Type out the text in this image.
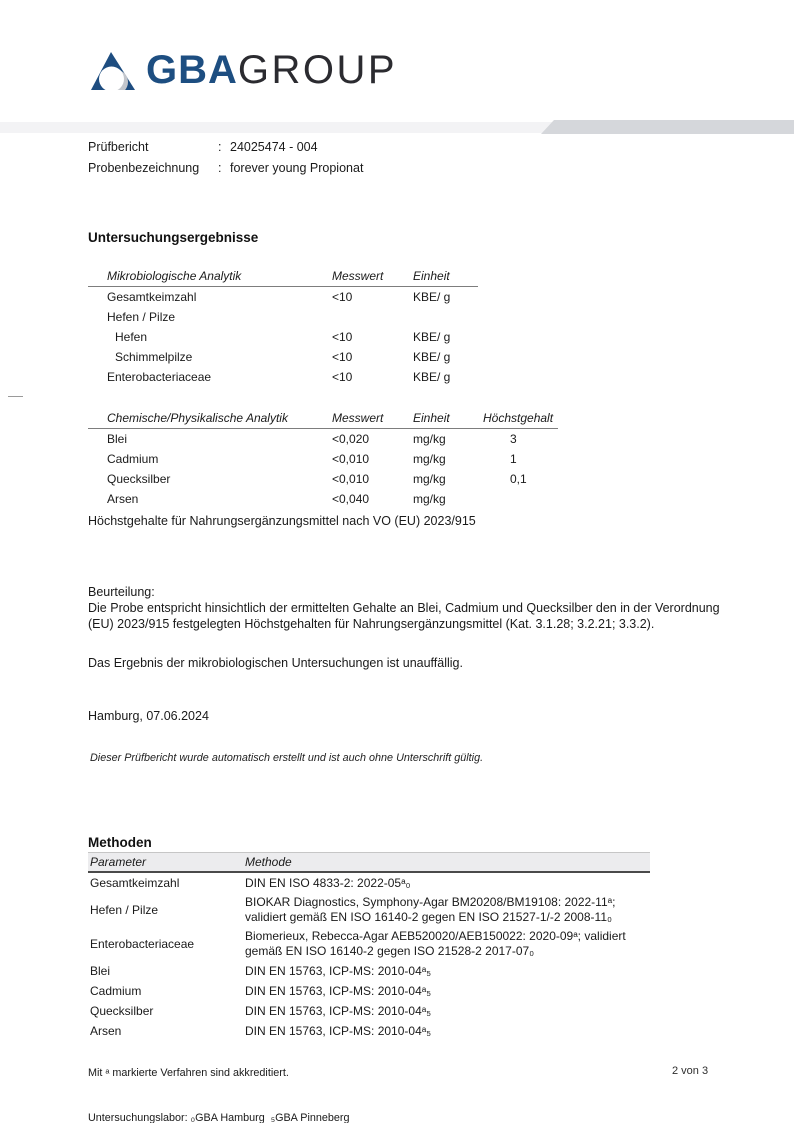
GBAGROUP
Prüfbericht	: 24025474 - 004
Probenbezeichnung	: forever young Propionat
Untersuchungsergebnisse
Mikrobiologische Analytik	Messwert	Einheit
Gesamtkeimzahl	<10	KBE/ g
Hefen / Pilze		
Hefen	<10	KBE/ g
Schimmelpilze	<10	KBE/ g
Enterobacteriaceae	<10	KBE/ g
Chemische/Physikalische Analytik	Messwert	Einheit	Höchstgehalt
Blei	<0,020	mg/kg	3
Cadmium	<0,010	mg/kg	1
Quecksilber	<0,010	mg/kg	0,1
Arsen	<0,040	mg/kg	
Höchstgehalte für Nahrungsergänzungsmittel nach VO (EU) 2023/915
Beurteilung:
Die Probe entspricht hinsichtlich der ermittelten Gehalte an Blei, Cadmium und Quecksilber den in der Verordnung (EU) 2023/915 festgelegten Höchstgehalten für Nahrungsergänzungsmittel (Kat. 3.1.28; 3.2.21; 3.3.2).
Das Ergebnis der mikrobiologischen Untersuchungen ist unauffällig.
Hamburg, 07.06.2024
Dieser Prüfbericht wurde automatisch erstellt und ist auch ohne Unterschrift gültig.
Methoden
Parameter	Methode
Gesamtkeimzahl	DIN EN ISO 4833-2: 2022-05ᵃ₀
Hefen / Pilze	BIOKAR Diagnostics, Symphony-Agar BM20208/BM19108: 2022-11ᵃ; validiert gemäß EN ISO 16140-2 gegen EN ISO 21527-1/-2 2008-11₀
Enterobacteriaceae	Biomerieux, Rebecca-Agar AEB520020/AEB150022: 2020-09ᵃ; validiert gemäß EN ISO 16140-2 gegen ISO 21528-2 2017-07₀
Blei	DIN EN 15763, ICP-MS: 2010-04ᵃ₅
Cadmium	DIN EN 15763, ICP-MS: 2010-04ᵃ₅
Quecksilber	DIN EN 15763, ICP-MS: 2010-04ᵃ₅
Arsen	DIN EN 15763, ICP-MS: 2010-04ᵃ₅

Mit ᵃ markierte Verfahren sind akkreditiert.

Untersuchungslabor: ₀GBA Hamburg  ₅GBA Pinneberg

2 von 3
